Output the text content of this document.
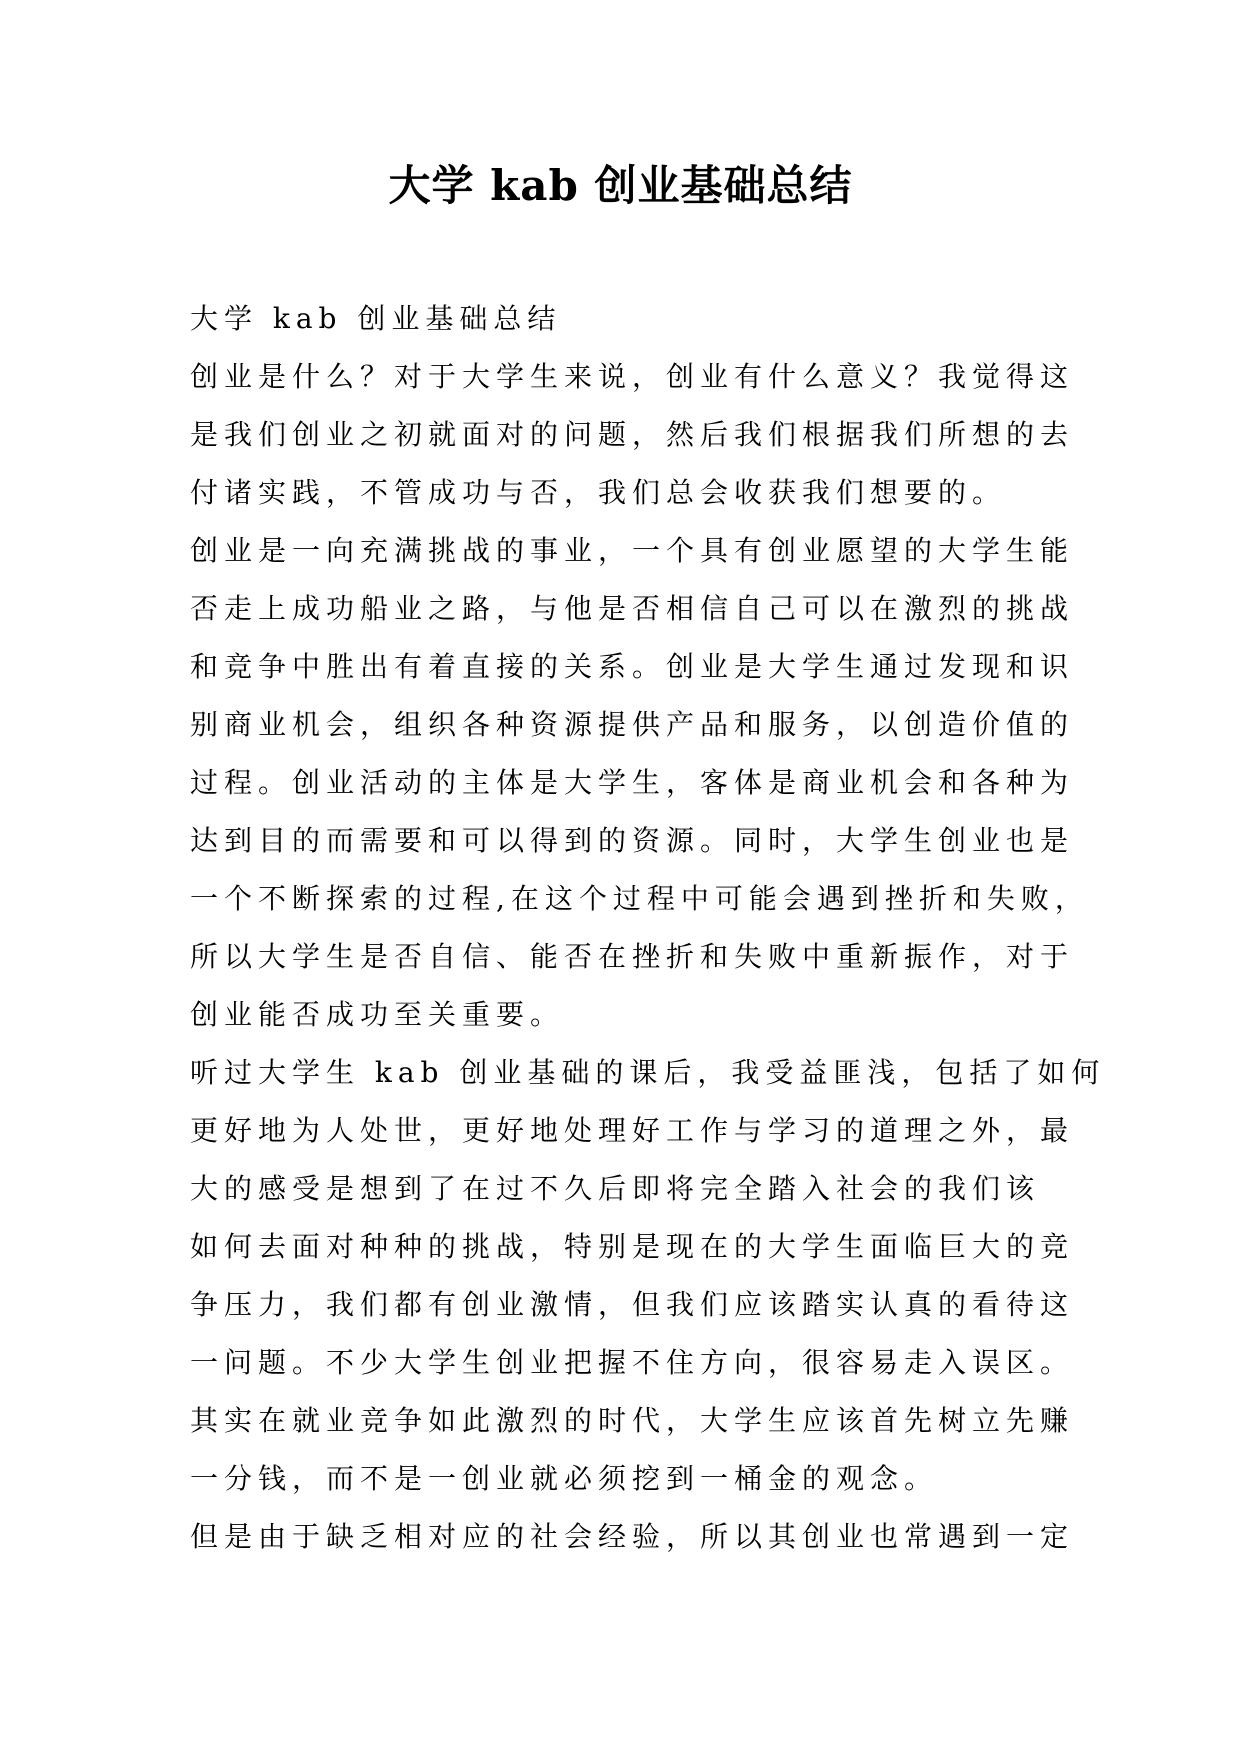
大学 kab 创业基础总结
大学 kab 创业基础总结
创业是什么？对于大学生来说，创业有什么意义？我觉得这
是我们创业之初就面对的问题，然后我们根据我们所想的去
付诸实践，不管成功与否，我们总会收获我们想要的。
创业是一向充满挑战的事业，一个具有创业愿望的大学生能
否走上成功船业之路，与他是否相信自己可以在激烈的挑战
和竞争中胜出有着直接的关系。创业是大学生通过发现和识
别商业机会，组织各种资源提供产品和服务，以创造价值的
过程。创业活动的主体是大学生，客体是商业机会和各种为
达到目的而需要和可以得到的资源。同时，大学生创业也是
一个不断探索的过程,在这个过程中可能会遇到挫折和失败，
所以大学生是否自信、能否在挫折和失败中重新振作，对于
创业能否成功至关重要。
听过大学生 kab 创业基础的课后，我受益匪浅，包括了如何
更好地为人处世，更好地处理好工作与学习的道理之外，最
大的感受是想到了在过不久后即将完全踏入社会的我们该
如何去面对种种的挑战，特别是现在的大学生面临巨大的竞
争压力，我们都有创业激情，但我们应该踏实认真的看待这
一问题。不少大学生创业把握不住方向，很容易走入误区。
其实在就业竞争如此激烈的时代，大学生应该首先树立先赚
一分钱，而不是一创业就必须挖到一桶金的观念。
但是由于缺乏相对应的社会经验，所以其创业也常遇到一定
